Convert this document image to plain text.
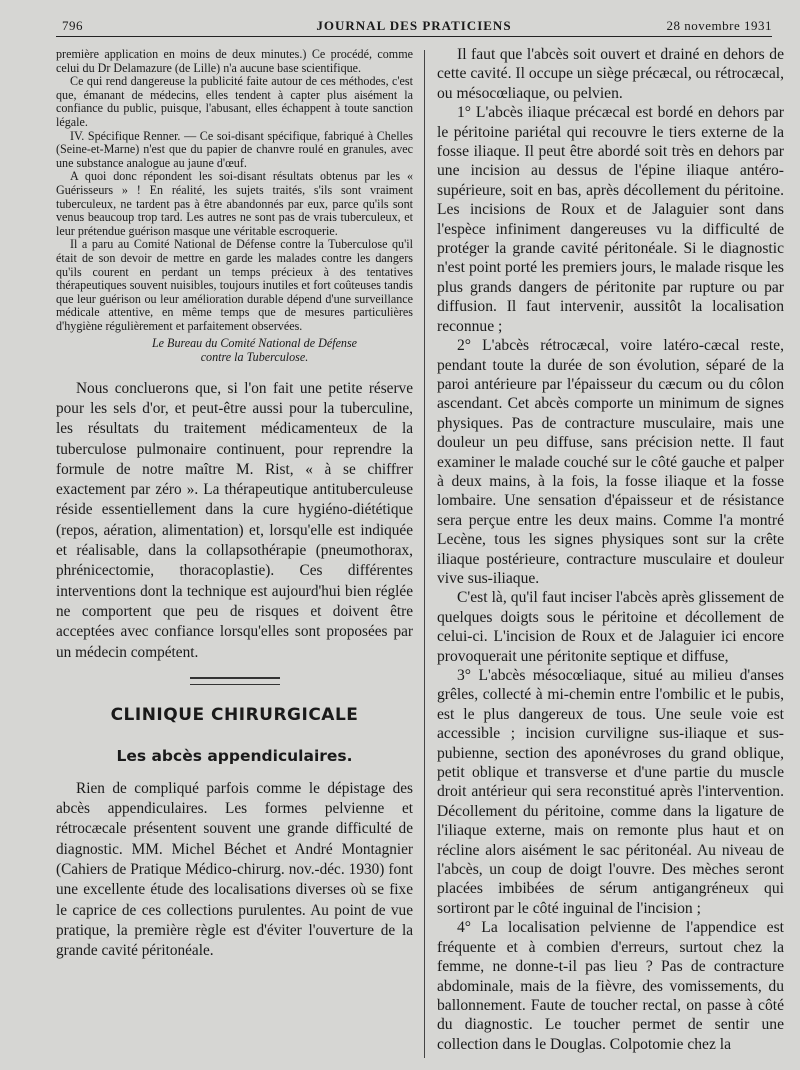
796	JOURNAL DES PRATICIENS	28 novembre 1931

première application en moins de deux minutes.) Ce procédé, comme celui du Dr Delamazure (de Lille) n'a aucune base scientifique.

Ce qui rend dangereuse la publicité faite autour de ces méthodes, c'est que, émanant de médecins, elles tendent à capter plus aisément la confiance du public, puisque, l'abusant, elles échappent à toute sanction légale.

IV. Spécifique Renner. — Ce soi-disant spécifique, fabriqué à Chelles (Seine-et-Marne) n'est que du papier de chanvre roulé en granules, avec une substance analogue au jaune d'œuf.

A quoi donc répondent les soi-disant résultats obtenus par les « Guérisseurs » ! En réalité, les sujets traités, s'ils sont vraiment tuberculeux, ne tardent pas à être abandonnés par eux, parce qu'ils sont venus beaucoup trop tard. Les autres ne sont pas de vrais tuberculeux, et leur prétendue guérison masque une véritable escroquerie.

Il a paru au Comité National de Défense contre la Tuberculose qu'il était de son devoir de mettre en garde les malades contre les dangers qu'ils courent en perdant un temps précieux à des tentatives thérapeutiques souvent nuisibles, toujours inutiles et fort coûteuses tandis que leur guérison ou leur amélioration durable dépend d'une surveillance médicale attentive, en même temps que de mesures particulières d'hygiène régulièrement et parfaitement observées.

Le Bureau du Comité National de Défense
contre la Tuberculose.

Nous concluerons que, si l'on fait une petite réserve pour les sels d'or, et peut-être aussi pour la tuberculine, les résultats du traitement médicamenteux de la tuberculose pulmonaire continuent, pour reprendre la formule de notre maître M. Rist, « à se chiffrer exactement par zéro ». La thérapeutique antituberculeuse réside essentiellement dans la cure hygiéno-diététique (repos, aération, alimentation) et, lorsqu'elle est indiquée et réalisable, dans la collapsothérapie (pneumothorax, phrénicectomie, thoracoplastie). Ces différentes interventions dont la technique est aujourd'hui bien réglée ne comportent que peu de risques et doivent être acceptées avec confiance lorsqu'elles sont proposées par un médecin compétent.

CLINIQUE CHIRURGICALE
Les abcès appendiculaires.

Rien de compliqué parfois comme le dépistage des abcès appendiculaires. Les formes pelvienne et rétrocæcale présentent souvent une grande difficulté de diagnostic. MM. Michel Béchet et André Montagnier (Cahiers de Pratique Médico-chirurg. nov.-déc. 1930) font une excellente étude des localisations diverses où se fixe le caprice de ces collections purulentes. Au point de vue pratique, la première règle est d'éviter l'ouverture de la grande cavité péritonéale.

Il faut que l'abcès soit ouvert et drainé en dehors de cette cavité. Il occupe un siège précæcal, ou rétrocæcal, ou mésocœliaque, ou pelvien.

1° L'abcès iliaque précæcal est bordé en dehors par le péritoine pariétal qui recouvre le tiers externe de la fosse iliaque. Il peut être abordé soit très en dehors par une incision au dessus de l'épine iliaque antéro-supérieure, soit en bas, après décollement du péritoine. Les incisions de Roux et de Jalaguier sont dans l'espèce infiniment dangereuses vu la difficulté de protéger la grande cavité péritonéale. Si le diagnostic n'est point porté les premiers jours, le malade risque les plus grands dangers de péritonite par rupture ou par diffusion. Il faut intervenir, aussitôt la localisation reconnue ;

2° L'abcès rétrocæcal, voire latéro-cæcal reste, pendant toute la durée de son évolution, séparé de la paroi antérieure par l'épaisseur du cæcum ou du côlon ascendant. Cet abcès comporte un minimum de signes physiques. Pas de contracture musculaire, mais une douleur un peu diffuse, sans précision nette. Il faut examiner le malade couché sur le côté gauche et palper à deux mains, à la fois, la fosse iliaque et la fosse lombaire. Une sensation d'épaisseur et de résistance sera perçue entre les deux mains. Comme l'a montré Lecène, tous les signes physiques sont sur la crête iliaque postérieure, contracture musculaire et douleur vive sus-iliaque.

C'est là, qu'il faut inciser l'abcès après glissement de quelques doigts sous le péritoine et décollement de celui-ci. L'incision de Roux et de Jalaguier ici encore provoquerait une péritonite septique et diffuse,

3° L'abcès mésocœliaque, situé au milieu d'anses grêles, collecté à mi-chemin entre l'ombilic et le pubis, est le plus dangereux de tous. Une seule voie est accessible ; incision curviligne sus-iliaque et sus-pubienne, section des aponévroses du grand oblique, petit oblique et transverse et d'une partie du muscle droit antérieur qui sera reconstitué après l'intervention. Décollement du péritoine, comme dans la ligature de l'iliaque externe, mais on remonte plus haut et on récline alors aisément le sac péritonéal. Au niveau de l'abcès, un coup de doigt l'ouvre. Des mèches seront placées imbibées de sérum antigangréneux qui sortiront par le côté inguinal de l'incision ;

4° La localisation pelvienne de l'appendice est fréquente et à combien d'erreurs, surtout chez la femme, ne donne-t-il pas lieu ? Pas de contracture abdominale, mais de la fièvre, des vomissements, du ballonnement. Faute de toucher rectal, on passe à côté du diagnostic. Le toucher permet de sentir une collection dans le Douglas. Colpotomie chez la
